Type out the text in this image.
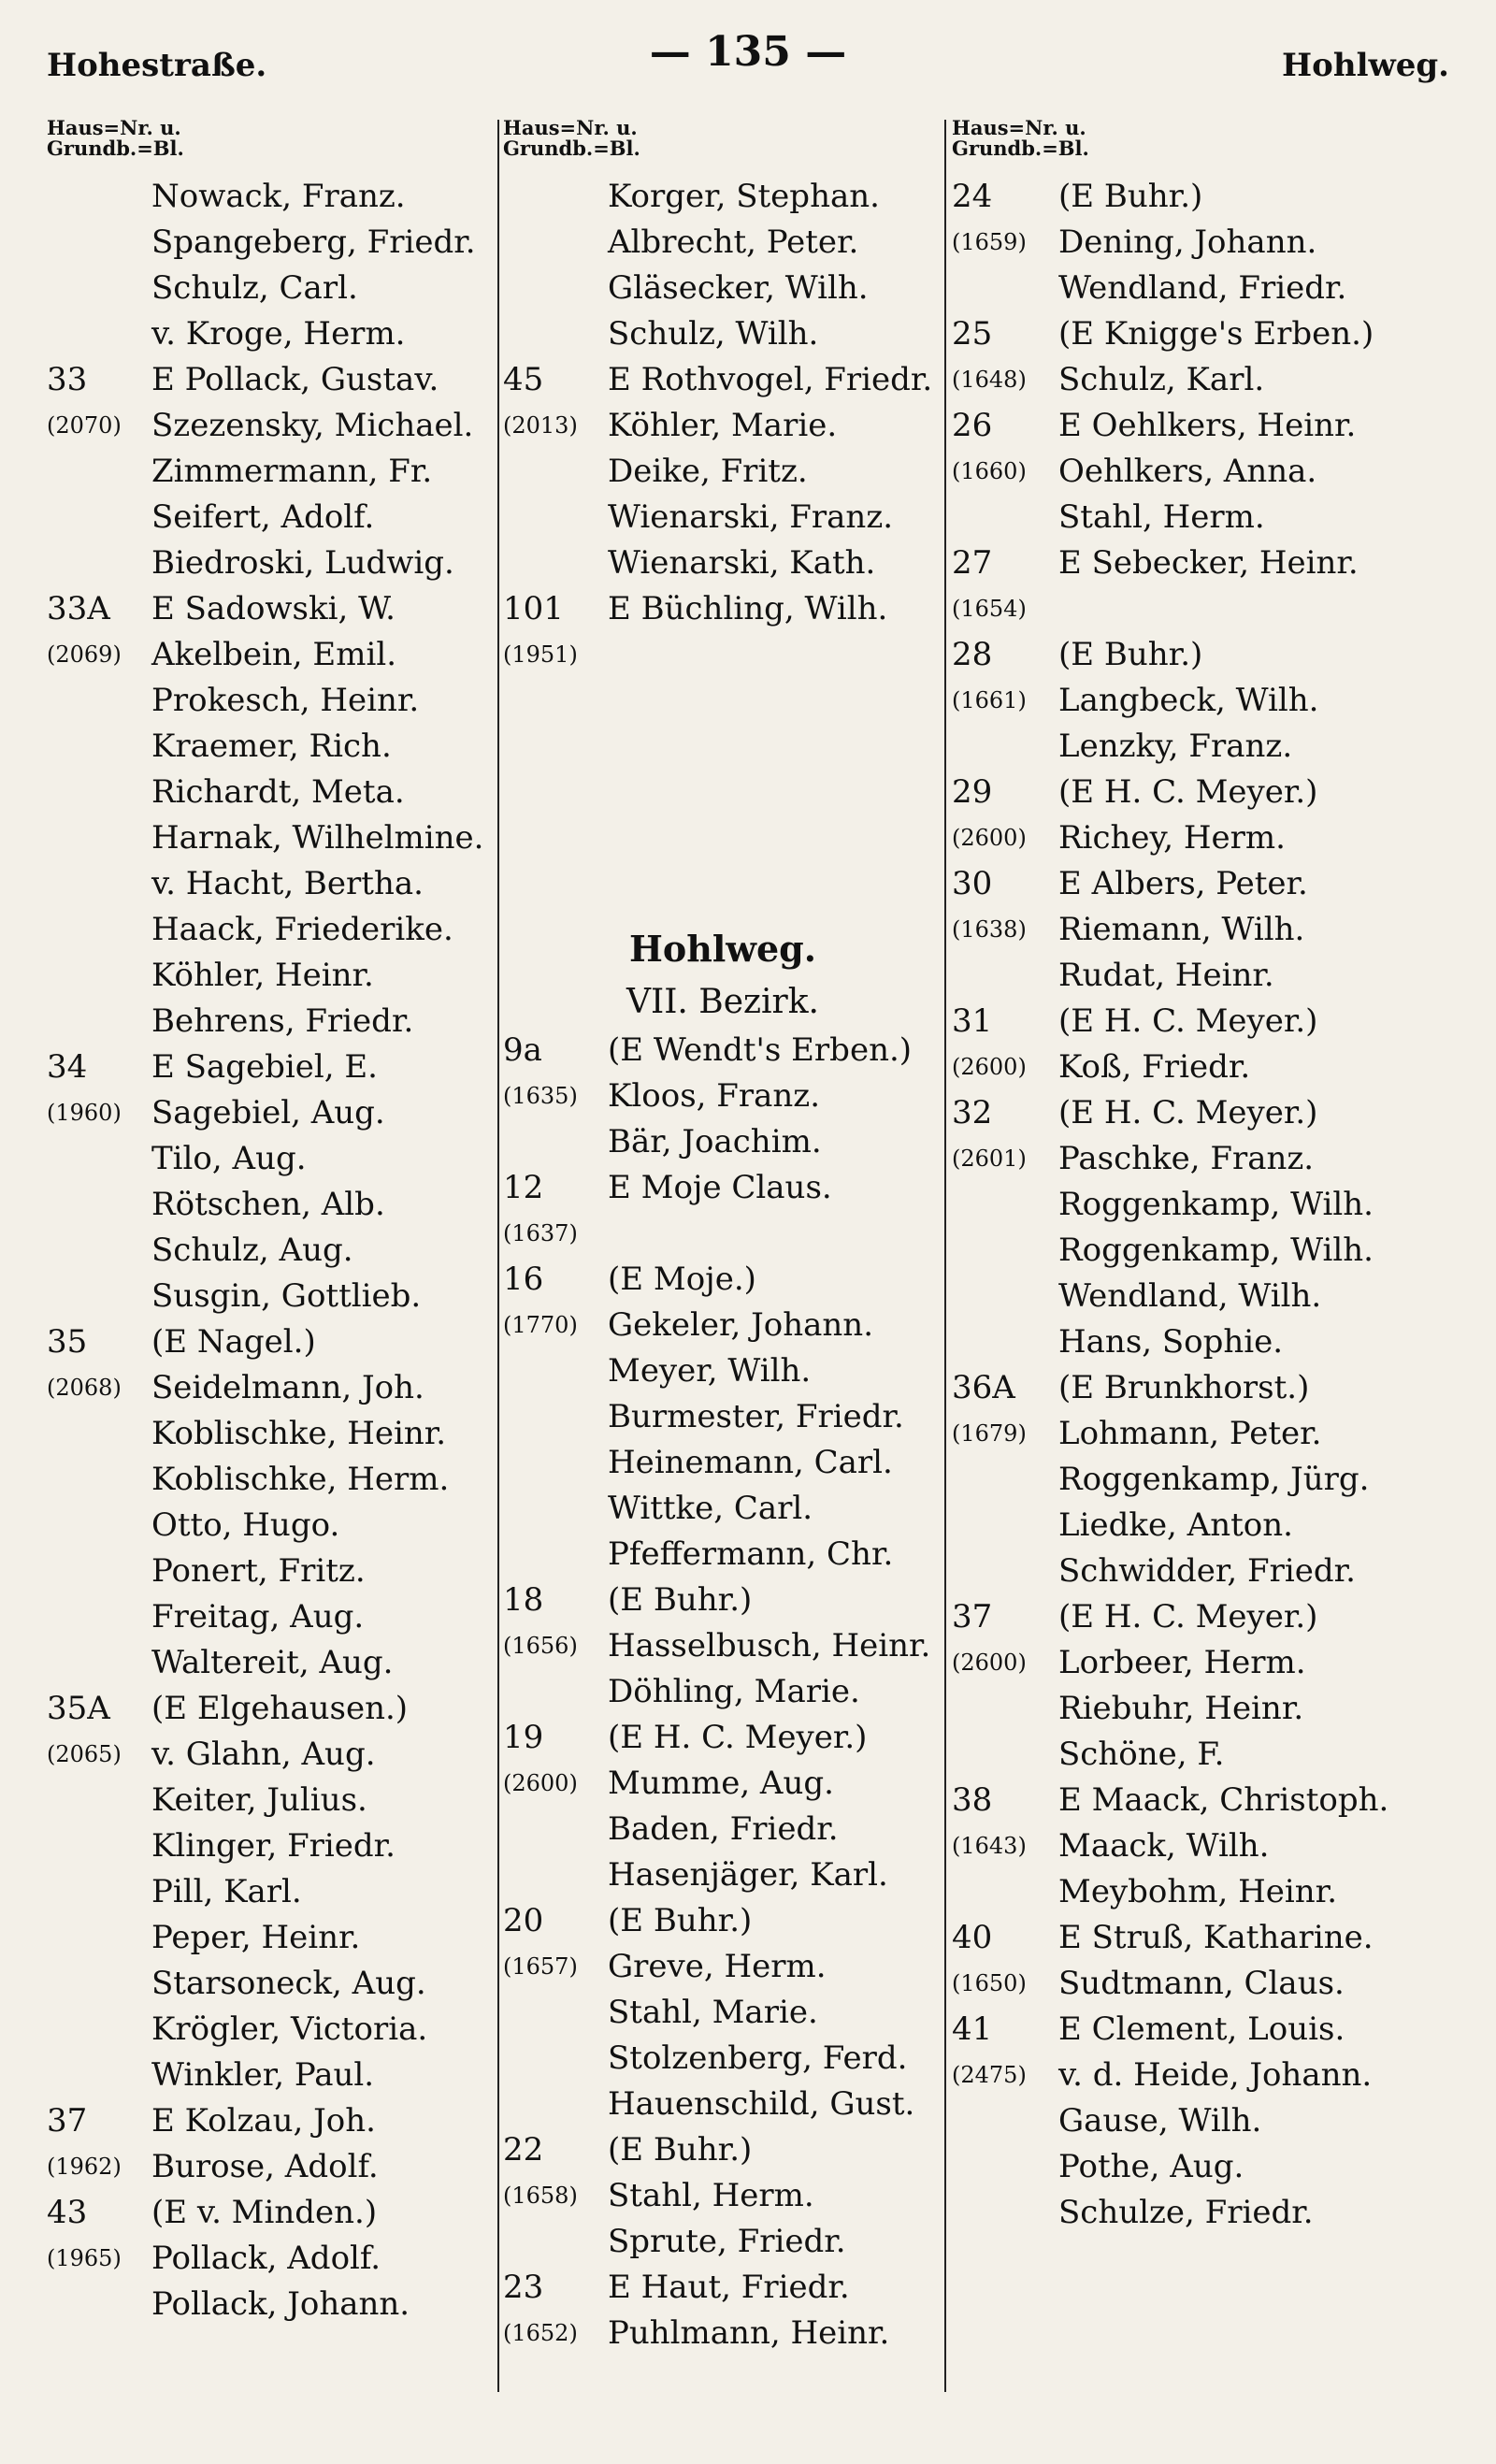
Hohestraße.	— 135 —	Hohlweg.
Haus=Nr. u.
Grundb.=Bl.
Nowack, Franz.
Spangeberg, Friedr.
Schulz, Carl.
v. Kroge, Herm.
33	E Pollack, Gustav.
(2070) Szezensky, Michael.
Zimmermann, Fr.
Seifert, Adolf.
Biedroski, Ludwig.
33A	E Sadowski, W.
(2069) Akelbein, Emil.
Prokesch, Heinr.
Kraemer, Rich.
Richardt, Meta.
Harnak, Wilhelmine.
v. Hacht, Bertha.
Haack, Friederike.
Köhler, Heinr.
Behrens, Friedr.
34	E Sagebiel, E.
(1960) Sagebiel, Aug.
Tilo, Aug.
Rötschen, Alb.
Schulz, Aug.
Susgin, Gottlieb.
35	(E Nagel.)
(2068) Seidelmann, Joh.
Koblischke, Heinr.
Koblischke, Herm.
Otto, Hugo.
Ponert, Fritz.
Freitag, Aug.
Waltereit, Aug.
35A	(E Elgehausen.)
(2065) v. Glahn, Aug.
Keiter, Julius.
Klinger, Friedr.
Pill, Karl.
Peper, Heinr.
Starsoneck, Aug.
Krögler, Victoria.
Winkler, Paul.
37	E Kolzau, Joh.
(1962) Burose, Adolf.
43	(E v. Minden.)
(1965) Pollack, Adolf.
Pollack, Johann.
Haus=Nr. u.
Grundb.=Bl.
Korger, Stephan.
Albrecht, Peter.
Gläsecker, Wilh.
Schulz, Wilh.
45	E Rothvogel, Friedr.
(2013) Köhler, Marie.
Deike, Fritz.
Wienarski, Franz.
Wienarski, Kath.
101	E Büchling, Wilh.
(1951)
Hohlweg.
VII. Bezirk.
9a	(E Wendt's Erben.)
(1635) Kloos, Franz.
Bär, Joachim.
12	E Moje Claus.
(1637)
16	(E Moje.)
(1770) Gekeler, Johann.
Meyer, Wilh.
Burmester, Friedr.
Heinemann, Carl.
Wittke, Carl.
Pfeffermann, Chr.
18	(E Buhr.)
(1656) Hasselbusch, Heinr.
Döhling, Marie.
19	(E H. C. Meyer.)
(2600) Mumme, Aug.
Baden, Friedr.
Hasenjäger, Karl.
20	(E Buhr.)
(1657) Greve, Herm.
Stahl, Marie.
Stolzenberg, Ferd.
Hauenschild, Gust.
22	(E Buhr.)
(1658) Stahl, Herm.
Sprute, Friedr.
23	E Haut, Friedr.
(1652) Puhlmann, Heinr.
Haus=Nr. u.
Grundb.=Bl.
24	(E Buhr.)
(1659)	Dening, Johann.
Wendland, Friedr.
25	(E Knigge's Erben.)
(1648)	Schulz, Karl.
26	E Oehlkers, Heinr.
(1660)	Oehlkers, Anna.
Stahl, Herm.
27	E Sebecker, Heinr.
(1654)
28	(E Buhr.)
(1661)	Langbeck, Wilh.
Lenzky, Franz.
29	(E H. C. Meyer.)
(2600)	Richey, Herm.
30	E Albers, Peter.
(1638)	Riemann, Wilh.
Rudat, Heinr.
31	(E H. C. Meyer.)
(2600)	Koß, Friedr.
32	(E H. C. Meyer.)
(2601)	Paschke, Franz.
Roggenkamp, Wilh.
Roggenkamp, Wilh.
Wendland, Wilh.
Hans, Sophie.
36A	(E Brunkhorst.)
(1679)	Lohmann, Peter.
Roggenkamp, Jürg.
Liedke, Anton.
Schwidder, Friedr.
37	(E H. C. Meyer.)
(2600)	Lorbeer, Herm.
Riebuhr, Heinr.
Schöne, F.
38	E Maack, Christoph.
(1643)	Maack, Wilh.
Meybohm, Heinr.
40	E Struß, Katharine.
(1650)	Sudtmann, Claus.
41	E Clement, Louis.
(2475)	v. d. Heide, Johann.
Gause, Wilh.
Pothe, Aug.
Schulze, Friedr.
